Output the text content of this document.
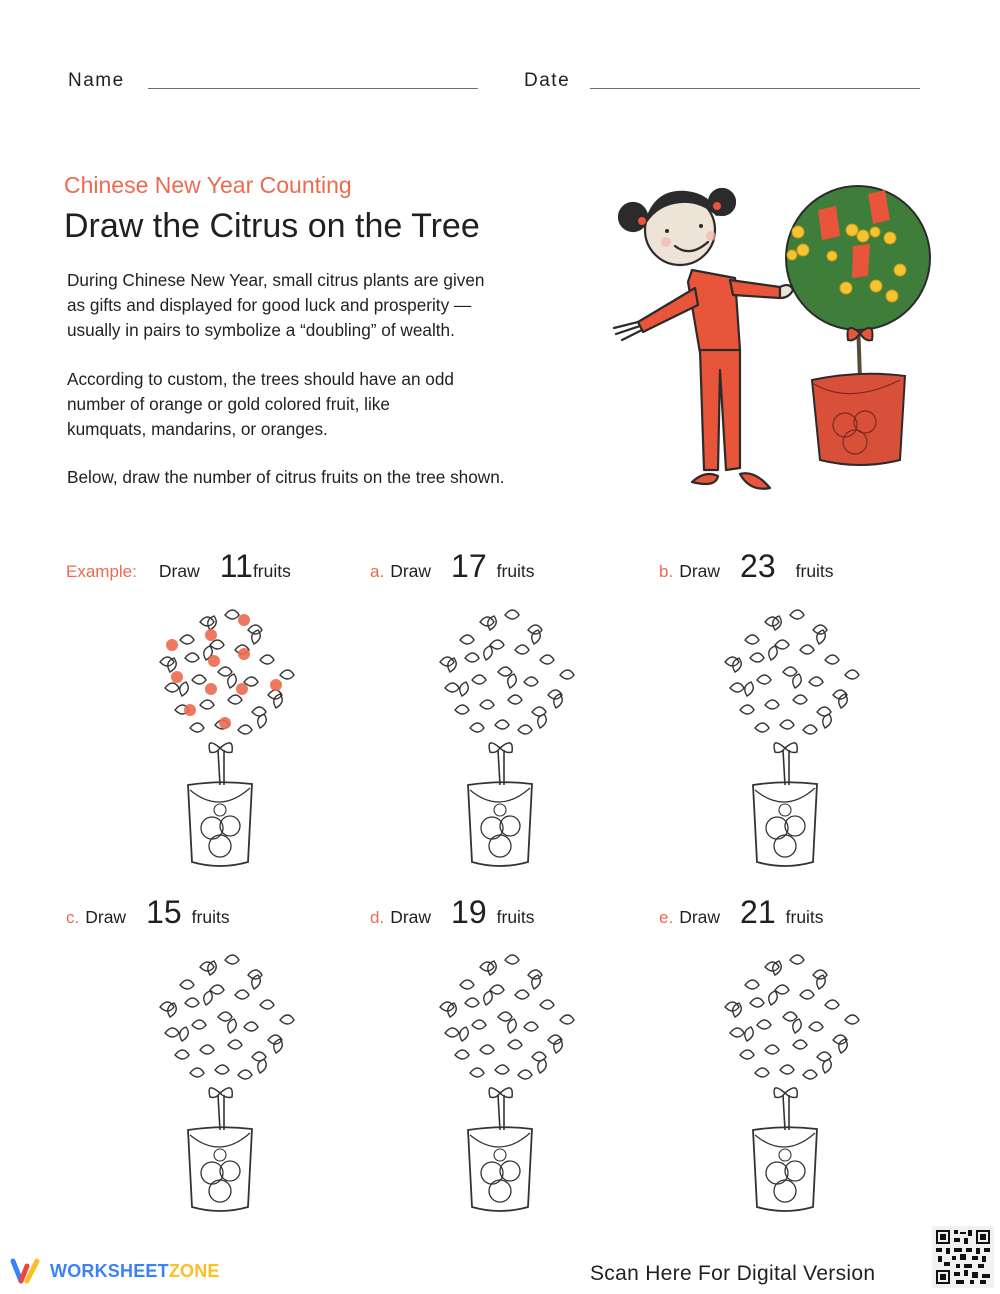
Name	Date
Chinese New Year Counting
Draw the Citrus on the Tree
During Chinese New Year, small citrus plants are given
as gifts and displayed for good luck and prosperity —
usually in pairs to symbolize a “doubling” of wealth.
According to custom, the trees should have an odd
number of orange or gold colored fruit, like
kumquats, mandarins, or oranges.
Below, draw the number of citrus fruits on the tree shown.
Example: Draw 11 fruits	a. Draw 17 fruits	b. Draw 23 fruits
c. Draw 15 fruits	d. Draw 19 fruits	e. Draw 21 fruits
WORKSHEETZONE	Scan Here For Digital Version
